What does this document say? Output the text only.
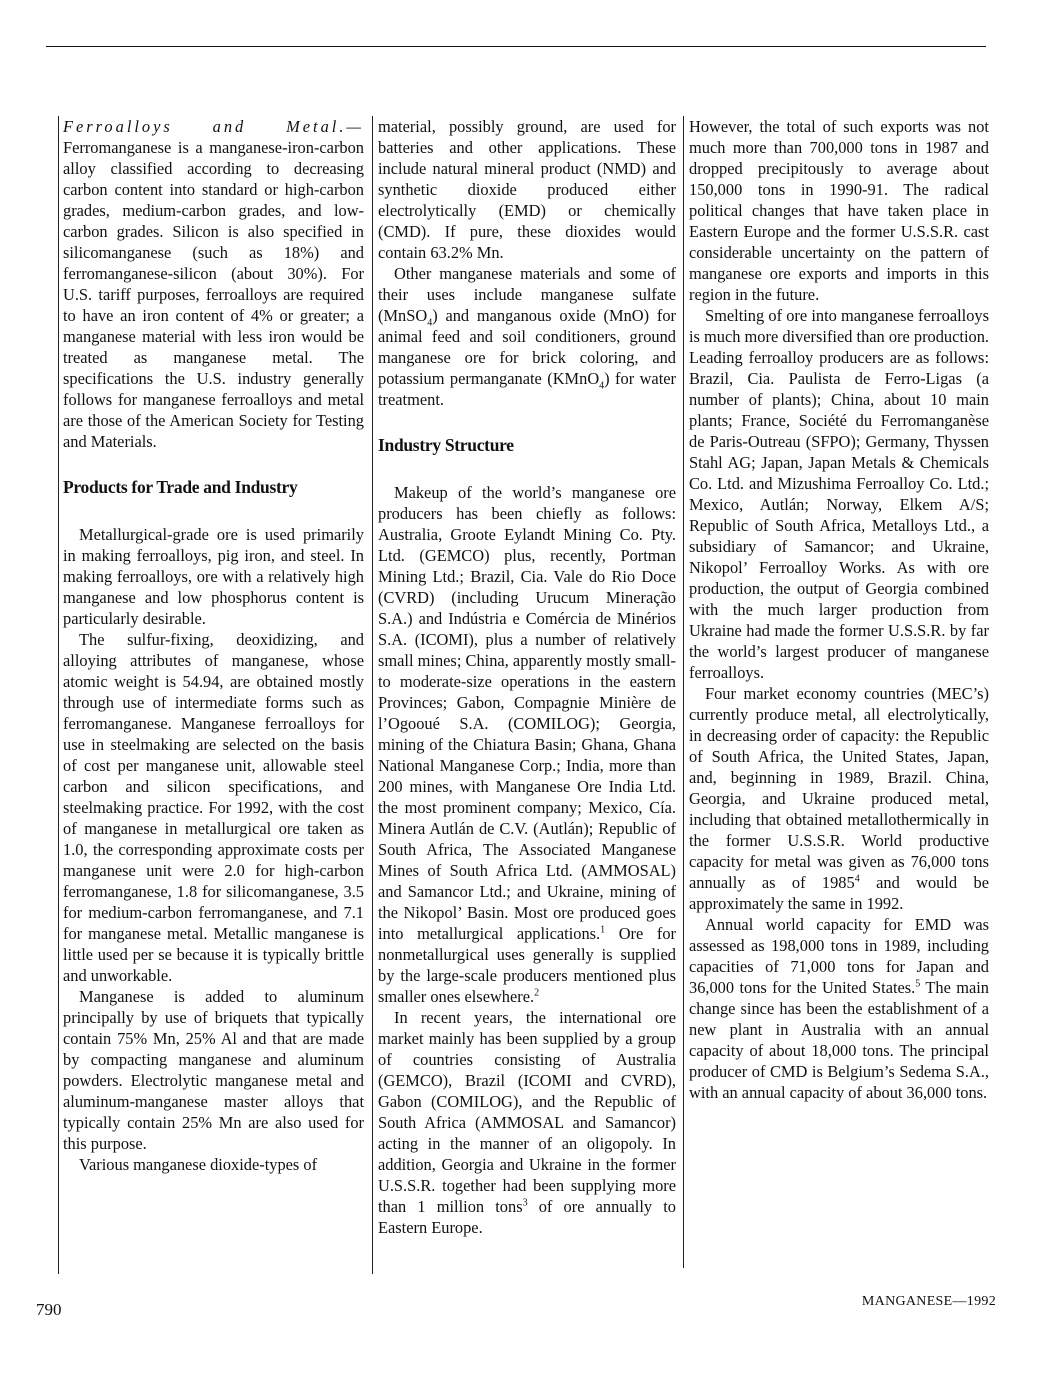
Ferroalloys and Metal.— Ferromanganese is a manganese-iron-carbon alloy classified according to decreasing carbon content into standard or high-carbon grades, medium-carbon grades, and low-carbon grades. Silicon is also specified in silicomanganese (such as 18%) and ferromanganese-silicon (about 30%). For U.S. tariff purposes, ferroalloys are required to have an iron content of 4% or greater; a manganese material with less iron would be treated as manganese metal. The specifications the U.S. industry generally follows for manganese ferroalloys and metal are those of the American Society for Testing and Materials.

Products for Trade and Industry

Metallurgical-grade ore is used primarily in making ferroalloys, pig iron, and steel. In making ferroalloys, ore with a relatively high manganese and low phosphorus content is particularly desirable.

The sulfur-fixing, deoxidizing, and alloying attributes of manganese, whose atomic weight is 54.94, are obtained mostly through use of intermediate forms such as ferromanganese. Manganese ferroalloys for use in steelmaking are selected on the basis of cost per manganese unit, allowable steel carbon and silicon specifications, and steelmaking practice. For 1992, with the cost of manganese in metallurgical ore taken as 1.0, the corresponding approximate costs per manganese unit were 2.0 for high-carbon ferromanganese, 1.8 for silicomanganese, 3.5 for medium-carbon ferromanganese, and 7.1 for manganese metal. Metallic manganese is little used per se because it is typically brittle and unworkable.

Manganese is added to aluminum principally by use of briquets that typically contain 75% Mn, 25% Al and that are made by compacting manganese and aluminum powders. Electrolytic manganese metal and aluminum-manganese master alloys that typically contain 25% Mn are also used for this purpose.

Various manganese dioxide-types of

material, possibly ground, are used for batteries and other applications. These include natural mineral product (NMD) and synthetic dioxide produced either electrolytically (EMD) or chemically (CMD). If pure, these dioxides would contain 63.2% Mn.

Other manganese materials and some of their uses include manganese sulfate (MnSO$_4$) and manganous oxide (MnO) for animal feed and soil conditioners, ground manganese ore for brick coloring, and potassium permanganate (KMnO$_4$) for water treatment.

Industry Structure

Makeup of the world’s manganese ore producers has been chiefly as follows: Australia, Groote Eylandt Mining Co. Pty. Ltd. (GEMCO) plus, recently, Portman Mining Ltd.; Brazil, Cia. Vale do Rio Doce (CVRD) (including Urucum Mineração S.A.) and Indústria e Comércia de Minérios S.A. (ICOMI), plus a number of relatively small mines; China, apparently mostly small- to moderate-size operations in the eastern Provinces; Gabon, Compagnie Minière de l’Ogooué S.A. (COMILOG); Georgia, mining of the Chiatura Basin; Ghana, Ghana National Manganese Corp.; India, more than 200 mines, with Manganese Ore India Ltd. the most prominent company; Mexico, Cía. Minera Autlán de C.V. (Autlán); Republic of South Africa, The Associated Manganese Mines of South Africa Ltd. (AMMOSAL) and Samancor Ltd.; and Ukraine, mining of the Nikopol’ Basin. Most ore produced goes into metallurgical applications.$^1$ Ore for nonmetallurgical uses generally is supplied by the large-scale producers mentioned plus smaller ones elsewhere.$^2$

In recent years, the international ore market mainly has been supplied by a group of countries consisting of Australia (GEMCO), Brazil (ICOMI and CVRD), Gabon (COMILOG), and the Republic of South Africa (AMMOSAL and Samancor) acting in the manner of an oligopoly. In addition, Georgia and Ukraine in the former U.S.S.R. together had been supplying more than 1 million tons$^3$ of ore annually to Eastern Europe.

However, the total of such exports was not much more than 700,000 tons in 1987 and dropped precipitously to average about 150,000 tons in 1990-91. The radical political changes that have taken place in Eastern Europe and the former U.S.S.R. cast considerable uncertainty on the pattern of manganese ore exports and imports in this region in the future.

Smelting of ore into manganese ferroalloys is much more diversified than ore production. Leading ferroalloy producers are as follows: Brazil, Cia. Paulista de Ferro-Ligas (a number of plants); China, about 10 main plants; France, Société du Ferromanganèse de Paris-Outreau (SFPO); Germany, Thyssen Stahl AG; Japan, Japan Metals & Chemicals Co. Ltd. and Mizushima Ferroalloy Co. Ltd.; Mexico, Autlán; Norway, Elkem A/S; Republic of South Africa, Metalloys Ltd., a subsidiary of Samancor; and Ukraine, Nikopol’ Ferroalloy Works. As with ore production, the output of Georgia combined with the much larger production from Ukraine had made the former U.S.S.R. by far the world’s largest producer of manganese ferroalloys.

Four market economy countries (MEC’s) currently produce metal, all electrolytically, in decreasing order of capacity: the Republic of South Africa, the United States, Japan, and, beginning in 1989, Brazil. China, Georgia, and Ukraine produced metal, including that obtained metallothermically in the former U.S.S.R. World productive capacity for metal was given as 76,000 tons annually as of 1985$^4$ and would be approximately the same in 1992.

Annual world capacity for EMD was assessed as 198,000 tons in 1989, including capacities of 71,000 tons for Japan and 36,000 tons for the United States.$^5$ The main change since has been the establishment of a new plant in Australia with an annual capacity of about 18,000 tons. The principal producer of CMD is Belgium’s Sedema S.A., with an annual capacity of about 36,000 tons.

790	MANGANESE—1992
